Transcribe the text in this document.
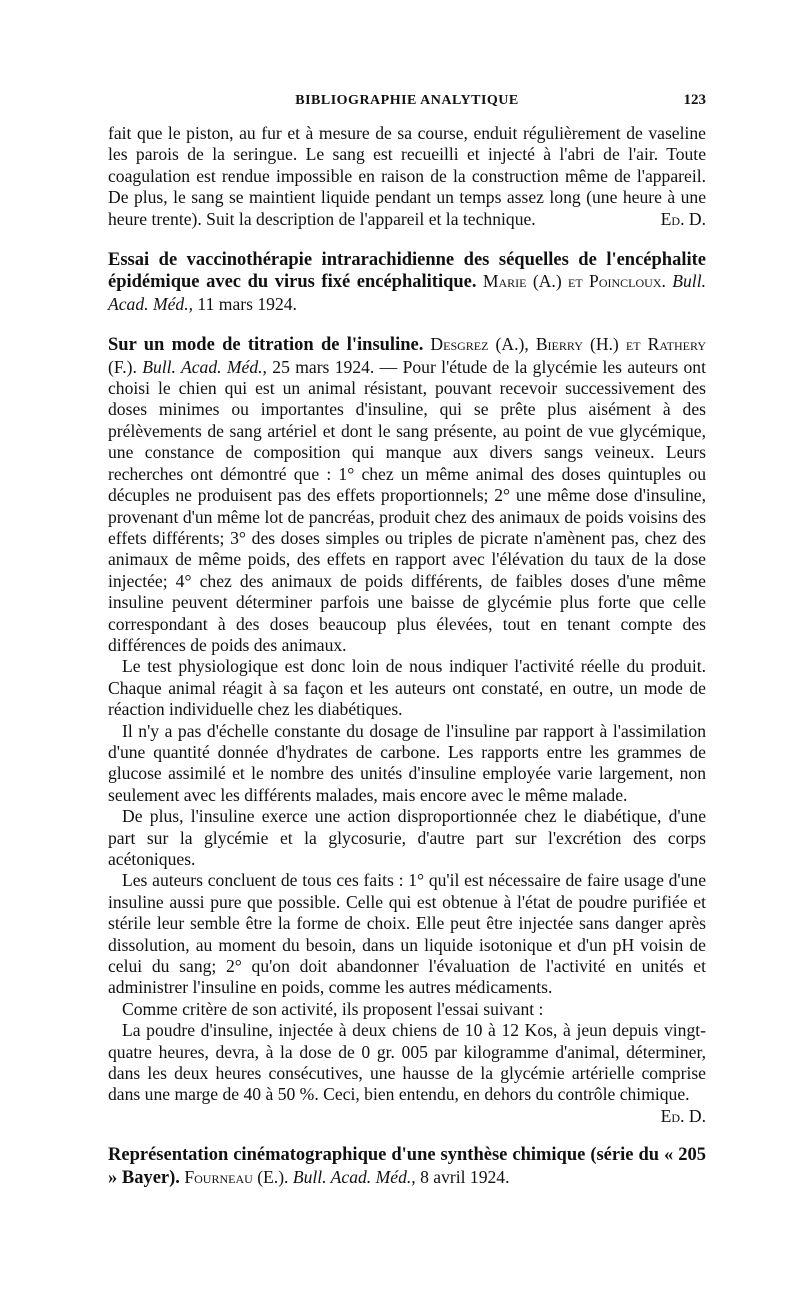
BIBLIOGRAPHIE ANALYTIQUE	123

fait que le piston, au fur et à mesure de sa course, enduit régulièrement de vaseline les parois de la seringue. Le sang est recueilli et injecté à l'abri de l'air. Toute coagulation est rendue impossible en raison de la construction même de l'appareil. De plus, le sang se maintient liquide pendant un temps assez long (une heure à une heure trente). Suit la description de l'appareil et la technique.	Ed. D.

Essai de vaccinothérapie intrarachidienne des séquelles de l'encéphalite épidémique avec du virus fixé encéphalitique. Marie (A.) et Poincloux. Bull. Acad. Méd., 11 mars 1924.

Sur un mode de titration de l'insuline. Desgrez (A.), Bierry (H.) et Rathery (F.). Bull. Acad. Méd., 25 mars 1924. — Pour l'étude de la glycémie les auteurs ont choisi le chien qui est un animal résistant, pouvant recevoir successivement des doses minimes ou importantes d'insuline, qui se prête plus aisément à des prélèvements de sang artériel et dont le sang présente, au point de vue glycémique, une constance de composition qui manque aux divers sangs veineux. Leurs recherches ont démontré que : 1° chez un même animal des doses quintuples ou décuples ne produisent pas des effets proportionnels; 2° une même dose d'insuline, provenant d'un même lot de pancréas, produit chez des animaux de poids voisins des effets différents; 3° des doses simples ou triples de picrate n'amènent pas, chez des animaux de même poids, des effets en rapport avec l'élévation du taux de la dose injectée; 4° chez des animaux de poids différents, de faibles doses d'une même insuline peuvent déterminer parfois une baisse de glycémie plus forte que celle correspondant à des doses beaucoup plus élevées, tout en tenant compte des différences de poids des animaux.

Le test physiologique est donc loin de nous indiquer l'activité réelle du produit. Chaque animal réagit à sa façon et les auteurs ont constaté, en outre, un mode de réaction individuelle chez les diabétiques.

Il n'y a pas d'échelle constante du dosage de l'insuline par rapport à l'assimilation d'une quantité donnée d'hydrates de carbone. Les rapports entre les grammes de glucose assimilé et le nombre des unités d'insuline employée varie largement, non seulement avec les différents malades, mais encore avec le même malade.

De plus, l'insuline exerce une action disproportionnée chez le diabétique, d'une part sur la glycémie et la glycosurie, d'autre part sur l'excrétion des corps acétoniques.

Les auteurs concluent de tous ces faits : 1° qu'il est nécessaire de faire usage d'une insuline aussi pure que possible. Celle qui est obtenue à l'état de poudre purifiée et stérile leur semble être la forme de choix. Elle peut être injectée sans danger après dissolution, au moment du besoin, dans un liquide isotonique et d'un pH voisin de celui du sang; 2° qu'on doit abandonner l'évaluation de l'activité en unités et administrer l'insuline en poids, comme les autres médicaments.

Comme critère de son activité, ils proposent l'essai suivant :

La poudre d'insuline, injectée à deux chiens de 10 à 12 Kos, à jeun depuis vingt-quatre heures, devra, à la dose de 0 gr. 005 par kilogramme d'animal, déterminer, dans les deux heures consécutives, une hausse de la glycémie artérielle comprise dans une marge de 40 à 50 %. Ceci, bien entendu, en dehors du contrôle chimique.
Ed. D.

Représentation cinématographique d'une synthèse chimique (série du « 205 » Bayer). Fourneau (E.). Bull. Acad. Méd., 8 avril 1924.
